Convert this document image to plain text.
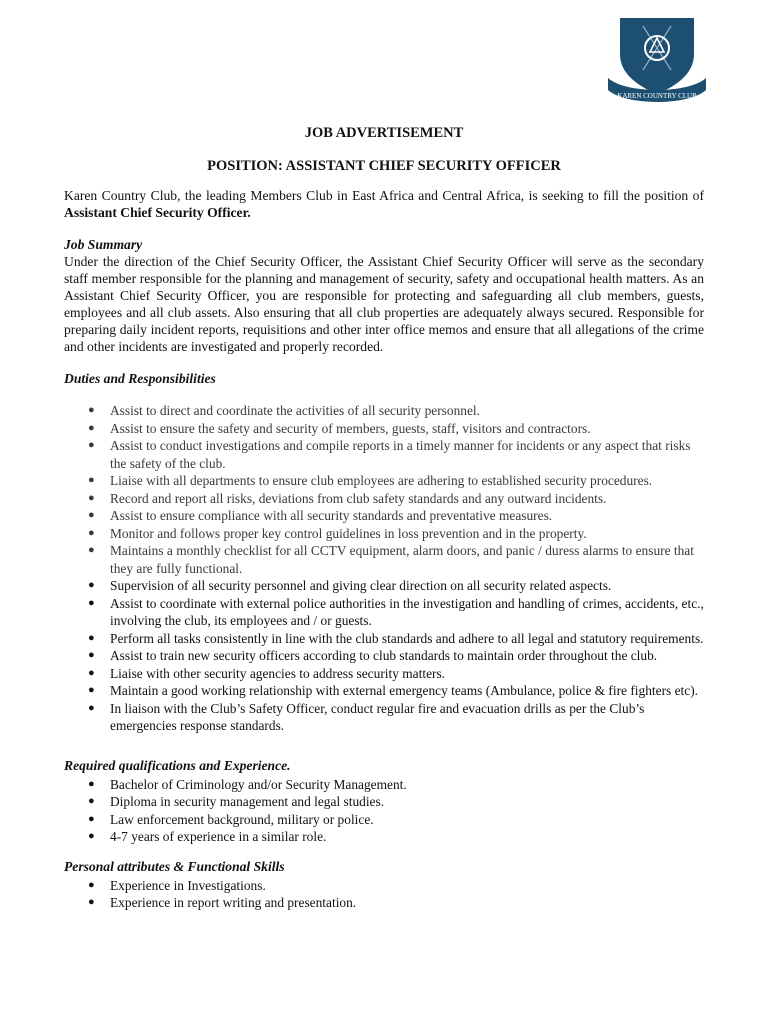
KAREN COUNTRY CLUB

JOB ADVERTISEMENT

POSITION: ASSISTANT CHIEF SECURITY OFFICER

Karen Country Club, the leading Members Club in East Africa and Central Africa, is seeking to fill the position of Assistant Chief Security Officer.

Job Summary

Under the direction of the Chief Security Officer, the Assistant Chief Security Officer will serve as the secondary staff member responsible for the planning and management of security, safety and occupational health matters. As an Assistant Chief Security Officer, you are responsible for protecting and safeguarding all club members, guests, employees and all club assets. Also ensuring that all club properties are adequately always secured. Responsible for preparing daily incident reports, requisitions and other inter office memos and ensure that all allegations of the crime and other incidents are investigated and properly recorded.

Duties and Responsibilities

● Assist to direct and coordinate the activities of all security personnel.
● Assist to ensure the safety and security of members, guests, staff, visitors and contractors.
● Assist to conduct investigations and compile reports in a timely manner for incidents or any aspect that risks the safety of the club.
● Liaise with all departments to ensure club employees are adhering to established security procedures.
● Record and report all risks, deviations from club safety standards and any outward incidents.
● Assist to ensure compliance with all security standards and preventative measures.
● Monitor and follows proper key control guidelines in loss prevention and in the property.
● Maintains a monthly checklist for all CCTV equipment, alarm doors, and panic / duress alarms to ensure that they are fully functional.
● Supervision of all security personnel and giving clear direction on all security related aspects.
● Assist to coordinate with external police authorities in the investigation and handling of crimes, accidents, etc., involving the club, its employees and / or guests.
● Perform all tasks consistently in line with the club standards and adhere to all legal and statutory requirements.
● Assist to train new security officers according to club standards to maintain order throughout the club.
● Liaise with other security agencies to address security matters.
● Maintain a good working relationship with external emergency teams (Ambulance, police & fire fighters etc).
● In liaison with the Club’s Safety Officer, conduct regular fire and evacuation drills as per the Club’s emergencies response standards.

Required qualifications and Experience.

● Bachelor of Criminology and/or Security Management.
● Diploma in security management and legal studies.
● Law enforcement background, military or police.
● 4-7 years of experience in a similar role.

Personal attributes & Functional Skills

● Experience in Investigations.
● Experience in report writing and presentation.
